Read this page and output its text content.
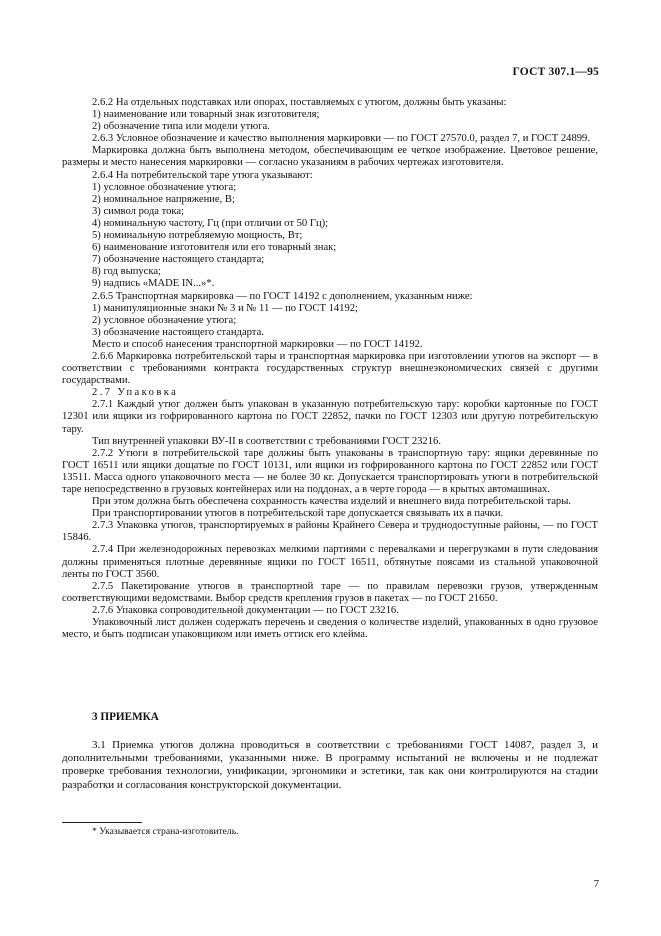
ГОСТ 307.1—95

2.6.2 На отдельных подставках или опорах, поставляемых с утюгом, должны быть указаны:

1) наименование или товарный знак изготовителя;

2) обозначение типа или модели утюга.

2.6.3 Условное обозначение и качество выполнения маркировки — по ГОСТ 27570.0, раздел 7, и ГОСТ 24899.

Маркировка должна быть выполнена методом, обеспечивающим ее четкое изображение. Цветовое решение, размеры и место нанесения маркировки — согласно указаниям в рабочих чертежах изготовителя.

2.6.4 На потребительской таре утюга указывают:

1) условное обозначение утюга;

2) номинальное напряжение, В;

3) символ рода тока;

4) номинальную частоту, Гц (при отличии от 50 Гц);

5) номинальную потребляемую мощность, Вт;

6) наименование изготовителя или его товарный знак;

7) обозначение настоящего стандарта;

8) год выпуска;

9) надпись «MADE IN...»*.

2.6.5 Транспортная маркировка — по ГОСТ 14192 с дополнением, указанным ниже:

1) манипуляционные знаки № 3 и № 11 — по ГОСТ 14192;

2) условное обозначение утюга;

3) обозначение настоящего стандарта.

Место и способ нанесения транспортной маркировки — по ГОСТ 14192.

2.6.6 Маркировка потребительской тары и транспортная маркировка при изготовлении утюгов на экспорт — в соответствии с требованиями контракта государственных структур внешнеэкономических связей с другими государствами.

2.7 Упаковка

2.7.1 Каждый утюг должен быть упакован в указанную потребительскую тару: коробки картонные по ГОСТ 12301 или ящики из гофрированного картона по ГОСТ 22852, пачки по ГОСТ 12303 или другую потребительскую тару.

Тип внутренней упаковки ВУ-II в соответствии с требованиями ГОСТ 23216.

2.7.2 Утюги в потребительской таре должны быть упакованы в транспортную тару: ящики деревянные по ГОСТ 16511 или ящики дощатые по ГОСТ 10131, или ящики из гофрированного картона по ГОСТ 22852 или ГОСТ 13511. Масса одного упаковочного места — не более 30 кг. Допускается транспортировать утюги в потребительской таре непосредственно в грузовых контейнерах или на поддонах, а в черте города — в крытых автомашинах.

При этом должна быть обеспечена сохранность качества изделий и внешнего вида потребительской тары.

При транспортировании утюгов в потребительской таре допускается связывать их в пачки.

2.7.3 Упаковка утюгов, транспортируемых в районы Крайнего Севера и труднодоступные районы, — по ГОСТ 15846.

2.7.4 При железнодорожных перевозках мелкими партиями с перевалками и перегрузками в пути следования должны применяться плотные деревянные ящики по ГОСТ 16511, обтянутые поясами из стальной упаковочной ленты по ГОСТ 3560.

2.7.5 Пакетирование утюгов в транспортной таре — по правилам перевозки грузов, утвержденным соответствующими ведомствами. Выбор средств крепления грузов в пакетах — по ГОСТ 21650.

2.7.6 Упаковка сопроводительной документации — по ГОСТ 23216.

Упаковочный лист должен содержать перечень и сведения о количестве изделий, упакованных в одно грузовое место, и быть подписан упаковщиком или иметь оттиск его клейма.

3 ПРИЕМКА

3.1 Приемка утюгов должна проводиться в соответствии с требованиями ГОСТ 14087, раздел 3, и дополнительными требованиями, указанными ниже. В программу испытаний не включены и не подлежат проверке требования технологии, унификации, эргономики и эстетики, так как они контролируются на стадии разработки и согласования конструкторской документации.

* Указывается страна-изготовитель.
7
